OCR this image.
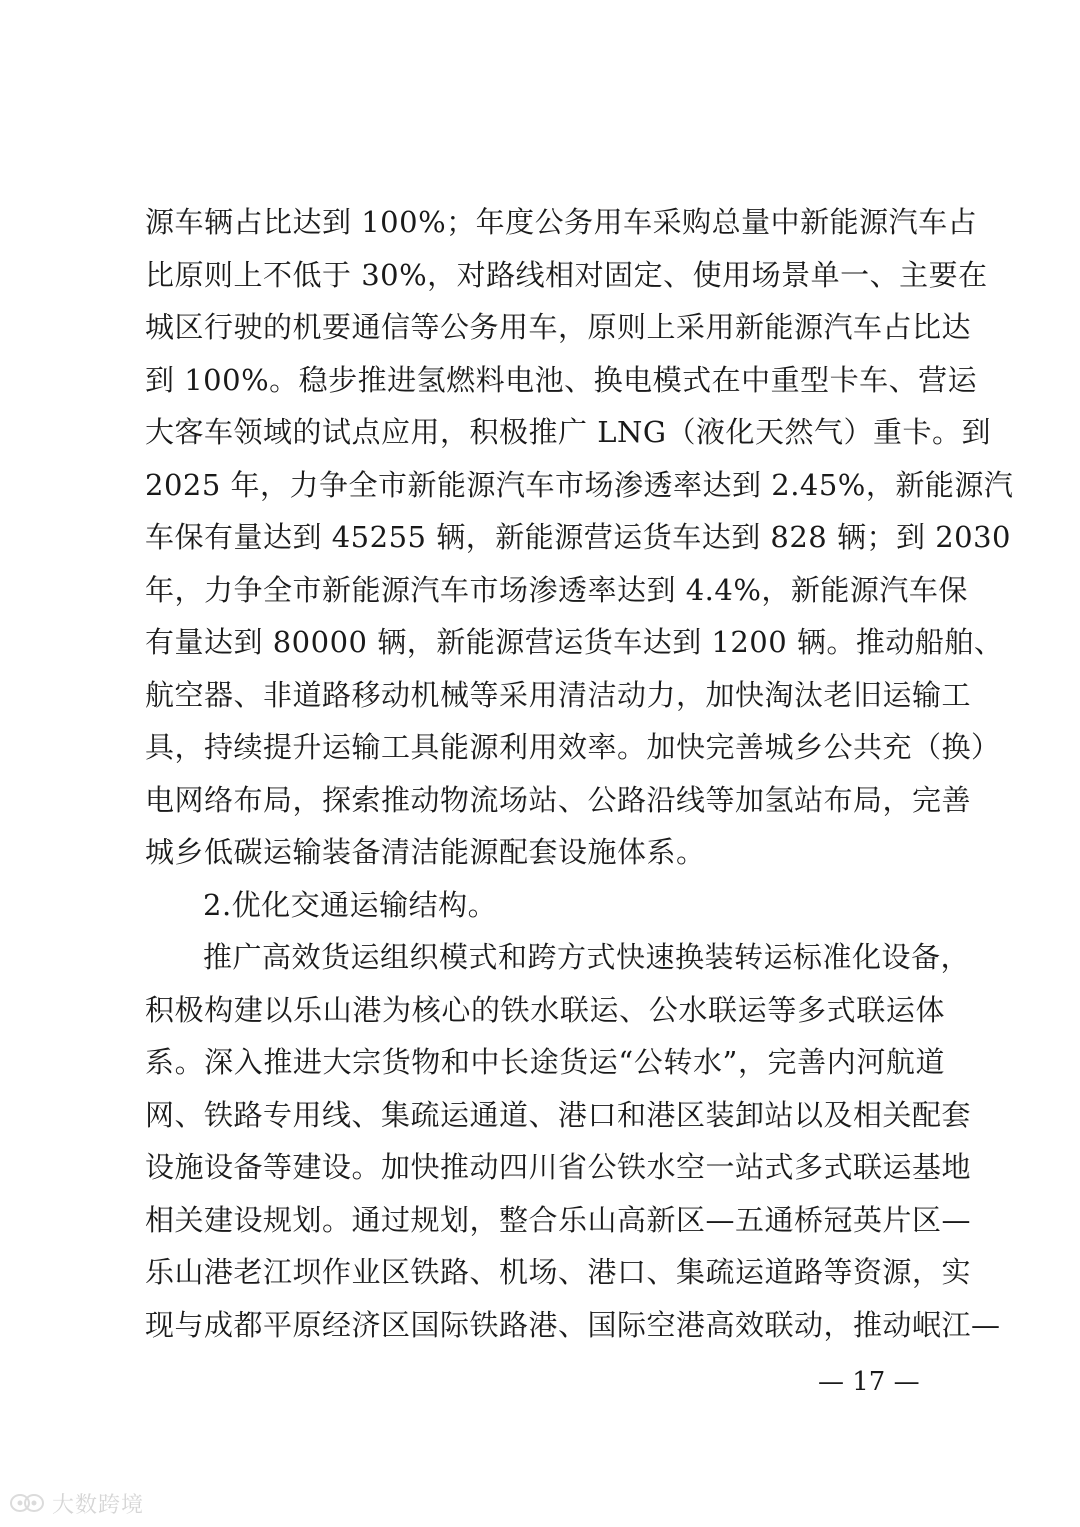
源车辆占比达到 100%；年度公务用车采购总量中新能源汽车占
比原则上不低于 30%，对路线相对固定、使用场景单一、主要在
城区行驶的机要通信等公务用车，原则上采用新能源汽车占比达
到 100%。稳步推进氢燃料电池、换电模式在中重型卡车、营运
大客车领域的试点应用，积极推广 LNG（液化天然气）重卡。到
2025 年，力争全市新能源汽车市场渗透率达到 2.45%，新能源汽
车保有量达到 45255 辆，新能源营运货车达到 828 辆；到 2030
年，力争全市新能源汽车市场渗透率达到 4.4%，新能源汽车保
有量达到 80000 辆，新能源营运货车达到 1200 辆。推动船舶、
航空器、非道路移动机械等采用清洁动力，加快淘汰老旧运输工
具，持续提升运输工具能源利用效率。加快完善城乡公共充（换）
电网络布局，探索推动物流场站、公路沿线等加氢站布局，完善
城乡低碳运输装备清洁能源配套设施体系。
2.优化交通运输结构。
推广高效货运组织模式和跨方式快速换装转运标准化设备，
积极构建以乐山港为核心的铁水联运、公水联运等多式联运体
系。深入推进大宗货物和中长途货运“公转水”，完善内河航道
网、铁路专用线、集疏运通道、港口和港区装卸站以及相关配套
设施设备等建设。加快推动四川省公铁水空一站式多式联运基地
相关建设规划。通过规划，整合乐山高新区—五通桥冠英片区—
乐山港老江坝作业区铁路、机场、港口、集疏运道路等资源，实
现与成都平原经济区国际铁路港、国际空港高效联动，推动岷江—
— 17 —
大数跨境
